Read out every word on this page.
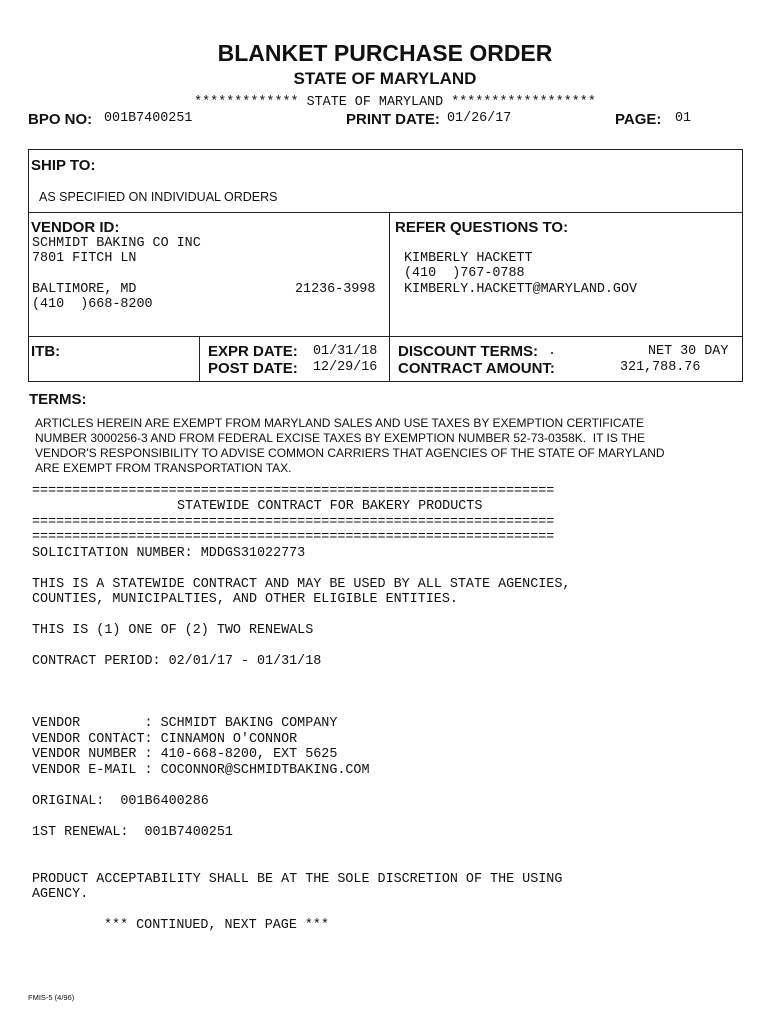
BLANKET PURCHASE ORDER
STATE OF MARYLAND
************* STATE OF MARYLAND ******************
BPO NO: 001B7400251	PRINT DATE: 01/26/17	PAGE: 01
SHIP TO:
AS SPECIFIED ON INDIVIDUAL ORDERS
VENDOR ID:
SCHMIDT BAKING CO INC
7801 FITCH LN
BALTIMORE, MD	21236-3998
(410  )668-8200
REFER QUESTIONS TO:
KIMBERLY HACKETT
(410  )767-0788
KIMBERLY.HACKETT@MARYLAND.GOV
ITB:	EXPR DATE: 01/31/18
POST DATE: 12/29/16
DISCOUNT TERMS: .	NET 30 DAY
CONTRACT AMOUNT:	321,788.76
TERMS:
ARTICLES HEREIN ARE EXEMPT FROM MARYLAND SALES AND USE TAXES BY EXEMPTION CERTIFICATE
NUMBER 3000256-3 AND FROM FEDERAL EXCISE TAXES BY EXEMPTION NUMBER 52-73-0358K.  IT IS THE
VENDOR'S RESPONSIBILITY TO ADVISE COMMON CARRIERS THAT AGENCIES OF THE STATE OF MARYLAND
ARE EXEMPT FROM TRANSPORTATION TAX.
=================================================================
STATEWIDE CONTRACT FOR BAKERY PRODUCTS
=================================================================
=================================================================
SOLICITATION NUMBER: MDDGS31022773
THIS IS A STATEWIDE CONTRACT AND MAY BE USED BY ALL STATE AGENCIES,
COUNTIES, MUNICIPALTIES, AND OTHER ELIGIBLE ENTITIES.
THIS IS (1) ONE OF (2) TWO RENEWALS
CONTRACT PERIOD: 02/01/17 - 01/31/18
VENDOR        : SCHMIDT BAKING COMPANY
VENDOR CONTACT: CINNAMON O'CONNOR
VENDOR NUMBER : 410-668-8200, EXT 5625
VENDOR E-MAIL : COCONNOR@SCHMIDTBAKING.COM
ORIGINAL:  001B6400286
1ST RENEWAL:  001B7400251
PRODUCT ACCEPTABILITY SHALL BE AT THE SOLE DISCRETION OF THE USING
AGENCY.
*** CONTINUED, NEXT PAGE ***
FMIS-5 (4/96)
